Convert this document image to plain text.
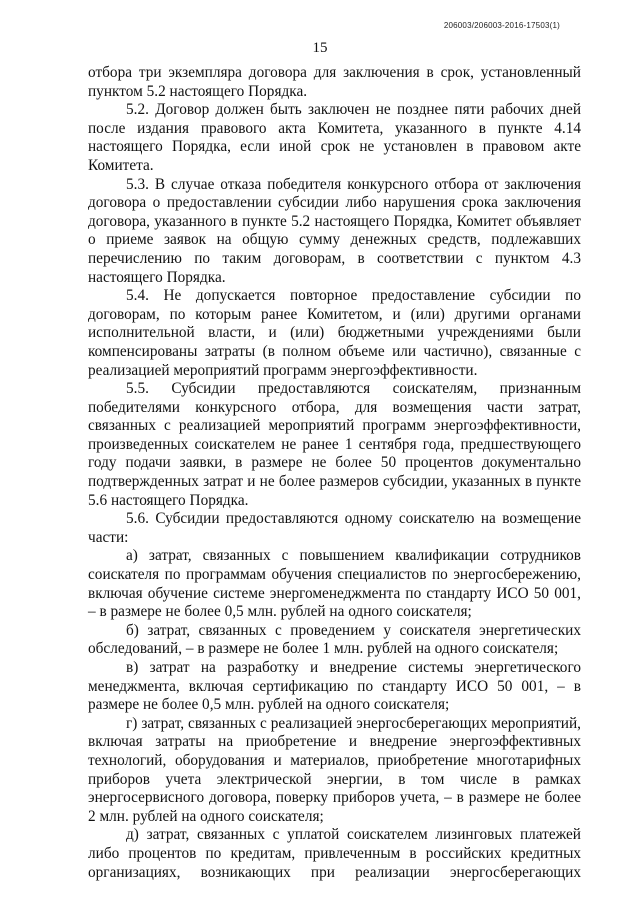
206003/206003-2016-17503(1)
15

отбора три экземпляра договора для заключения в срок, установленный пунктом 5.2 настоящего Порядка.

5.2. Договор должен быть заключен не позднее пяти рабочих дней после издания правового акта Комитета, указанного в пункте 4.14 настоящего Порядка, если иной срок не установлен в правовом акте Комитета.

5.3. В случае отказа победителя конкурсного отбора от заключения договора о предоставлении субсидии либо нарушения срока заключения договора, указанного в пункте 5.2 настоящего Порядка, Комитет объявляет о приеме заявок на общую сумму денежных средств, подлежавших перечислению по таким договорам, в соответствии с пунктом 4.3 настоящего Порядка.

5.4. Не допускается повторное предоставление субсидии по договорам, по которым ранее Комитетом, и (или) другими органами исполнительной власти, и (или) бюджетными учреждениями были компенсированы затраты (в полном объеме или частично), связанные с реализацией мероприятий программ энергоэффективности.

5.5. Субсидии предоставляются соискателям, признанным победителями конкурсного отбора, для возмещения части затрат, связанных с реализацией мероприятий программ энергоэффективности, произведенных соискателем не ранее 1 сентября года, предшествующего году подачи заявки, в размере не более 50 процентов документально подтвержденных затрат и не более размеров субсидии, указанных в пункте 5.6 настоящего Порядка.

5.6. Субсидии предоставляются одному соискателю на возмещение части:

а) затрат, связанных с повышением квалификации сотрудников соискателя по программам обучения специалистов по энергосбережению, включая обучение системе энергоменеджмента по стандарту ИСО 50 001, – в размере не более 0,5 млн. рублей на одного соискателя;

б) затрат, связанных с проведением у соискателя энергетических обследований, – в размере не более 1 млн. рублей на одного соискателя;

в) затрат на разработку и внедрение системы энергетического менеджмента, включая сертификацию по стандарту ИСО 50 001, – в размере не более 0,5 млн. рублей на одного соискателя;

г) затрат, связанных с реализацией энергосберегающих мероприятий, включая затраты на приобретение и внедрение энергоэффективных технологий, оборудования и материалов, приобретение многотарифных приборов учета электрической энергии, в том числе в рамках энергосервисного договора, поверку приборов учета, – в размере не более 2 млн. рублей на одного соискателя;

д) затрат, связанных с уплатой соискателем лизинговых платежей либо процентов по кредитам, привлеченным в российских кредитных организациях, возникающих при реализации энергосберегающих
